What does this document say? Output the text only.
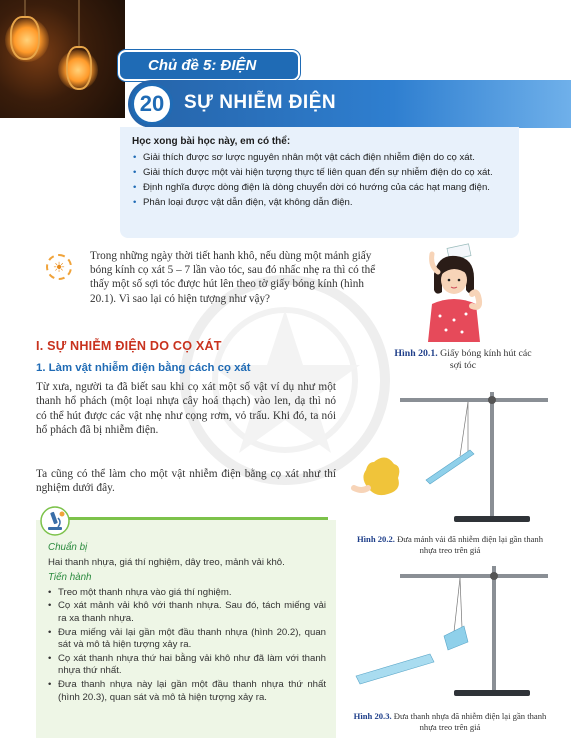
Chủ đề 5: ĐIỆN
20	SỰ NHIỄM ĐIỆN
Học xong bài học này, em có thể:
• Giải thích được sơ lược nguyên nhân một vật cách điện nhiễm điện do cọ xát.
• Giải thích được một vài hiện tượng thực tế liên quan đến sự nhiễm điện do cọ xát.
• Định nghĩa được dòng điện là dòng chuyển dời có hướng của các hạt mang điện.
• Phân loại được vật dẫn điện, vật không dẫn điện.
☀
Trong những ngày thời tiết hanh khô, nếu dùng một mảnh giấy bóng kính cọ xát 5 – 7 lần vào tóc, sau đó nhấc nhẹ ra thì có thể thấy một số sợi tóc được hút lên theo tờ giấy bóng kính (hình 20.1). Vì sao lại có hiện tượng như vậy?
Hình 20.1. Giấy bóng kính hút các sợi tóc
I. SỰ NHIỄM ĐIỆN DO CỌ XÁT
1. Làm vật nhiễm điện bằng cách cọ xát
Từ xưa, người ta đã biết sau khi cọ xát một số vật ví dụ như một thanh hổ phách (một loại nhựa cây hoá thạch) vào len, dạ thì nó có thể hút được các vật nhẹ như cọng rơm, vỏ trấu. Khi đó, ta nói hổ phách đã bị nhiễm điện.
Ta cũng có thể làm cho một vật nhiễm điện bằng cọ xát như thí nghiệm dưới đây.
Hình 20.2. Đưa mảnh vải đã nhiễm điện lại gần thanh nhựa treo trên giá
Hình 20.3. Đưa thanh nhựa đã nhiễm điện lại gần thanh nhựa treo trên giá
Chuẩn bị
Hai thanh nhựa, giá thí nghiệm, dây treo, mảnh vải khô.
Tiến hành
• Treo một thanh nhựa vào giá thí nghiệm.
• Cọ xát mảnh vải khô với thanh nhựa. Sau đó, tách miếng vải ra xa thanh nhựa.
• Đưa miếng vải lại gần một đầu thanh nhựa (hình 20.2), quan sát và mô tả hiện tượng xảy ra.
• Cọ xát thanh nhựa thứ hai bằng vải khô như đã làm với thanh nhựa thứ nhất.
• Đưa thanh nhựa này lại gần một đầu thanh nhựa thứ nhất (hình 20.3), quan sát và mô tả hiện tượng xảy ra.
